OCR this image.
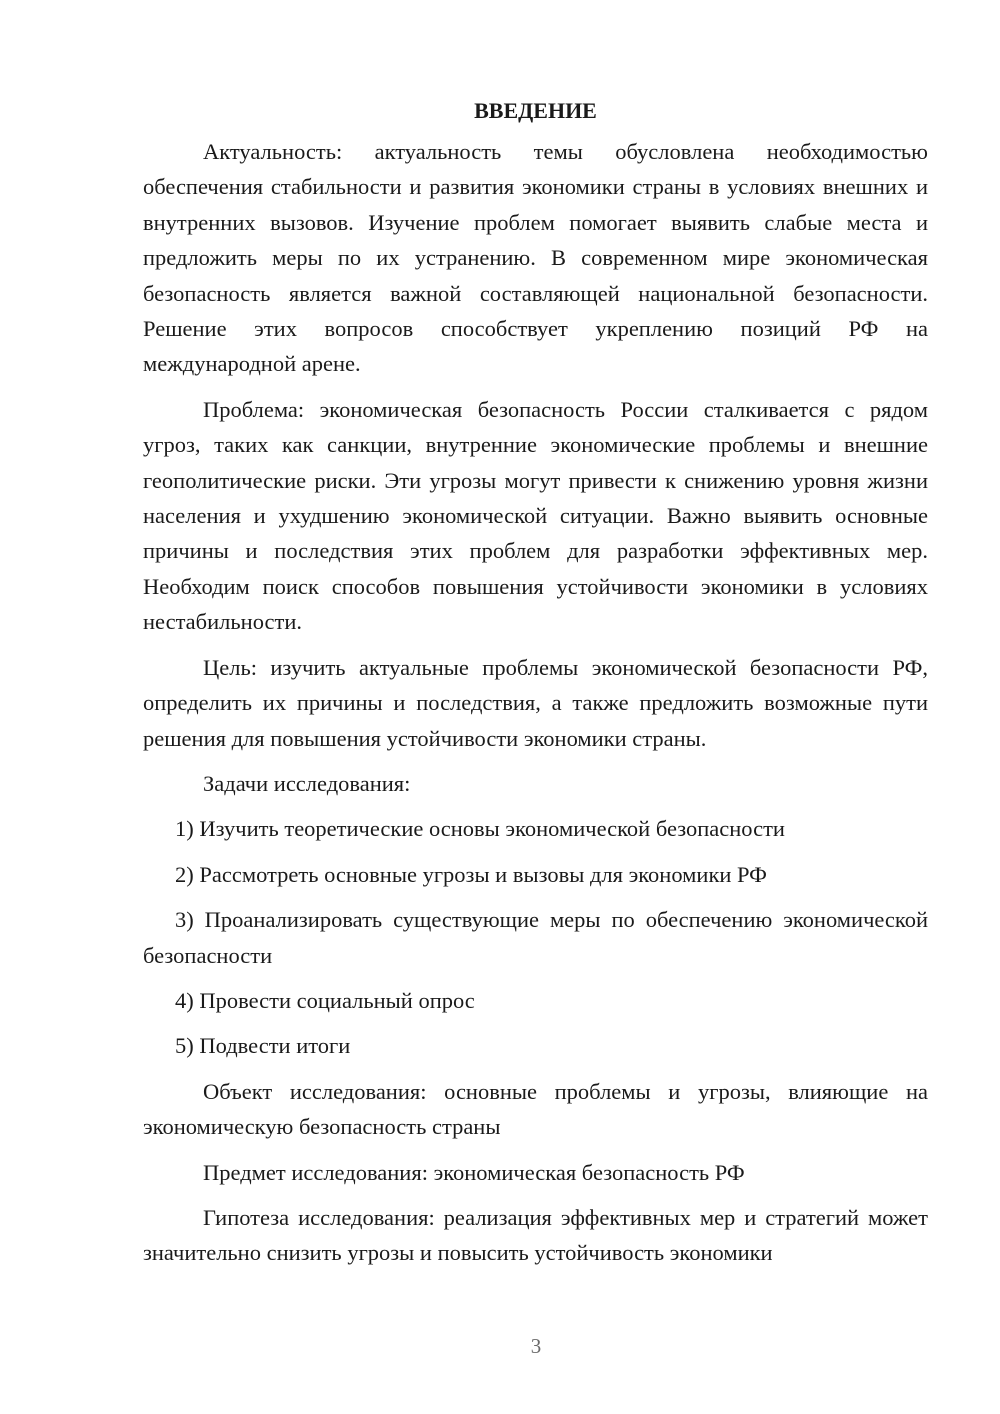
ВВЕДЕНИЕ

Актуальность: актуальность темы обусловлена необходимостью обеспечения стабильности и развития экономики страны в условиях внешних и внутренних вызовов. Изучение проблем помогает выявить слабые места и предложить меры по их устранению. В современном мире экономическая безопасность является важной составляющей национальной безопасности. Решение этих вопросов способствует укреплению позиций РФ на международной арене.

Проблема: экономическая безопасность России сталкивается с рядом угроз, таких как санкции, внутренние экономические проблемы и внешние геополитические риски. Эти угрозы могут привести к снижению уровня жизни населения и ухудшению экономической ситуации. Важно выявить основные причины и последствия этих проблем для разработки эффективных мер. Необходим поиск способов повышения устойчивости экономики в условиях нестабильности.

Цель: изучить актуальные проблемы экономической безопасности РФ, определить их причины и последствия, а также предложить возможные пути решения для повышения устойчивости экономики страны.

Задачи исследования:

1) Изучить теоретические основы экономической безопасности

2) Рассмотреть основные угрозы и вызовы для экономики РФ

3) Проанализировать существующие меры по обеспечению экономической безопасности

4) Провести социальный опрос

5) Подвести итоги

Объект исследования: основные проблемы и угрозы, влияющие на экономическую безопасность страны

Предмет исследования: экономическая безопасность РФ

Гипотеза исследования: реализация эффективных мер и стратегий может значительно снизить угрозы и повысить устойчивость экономики

3
